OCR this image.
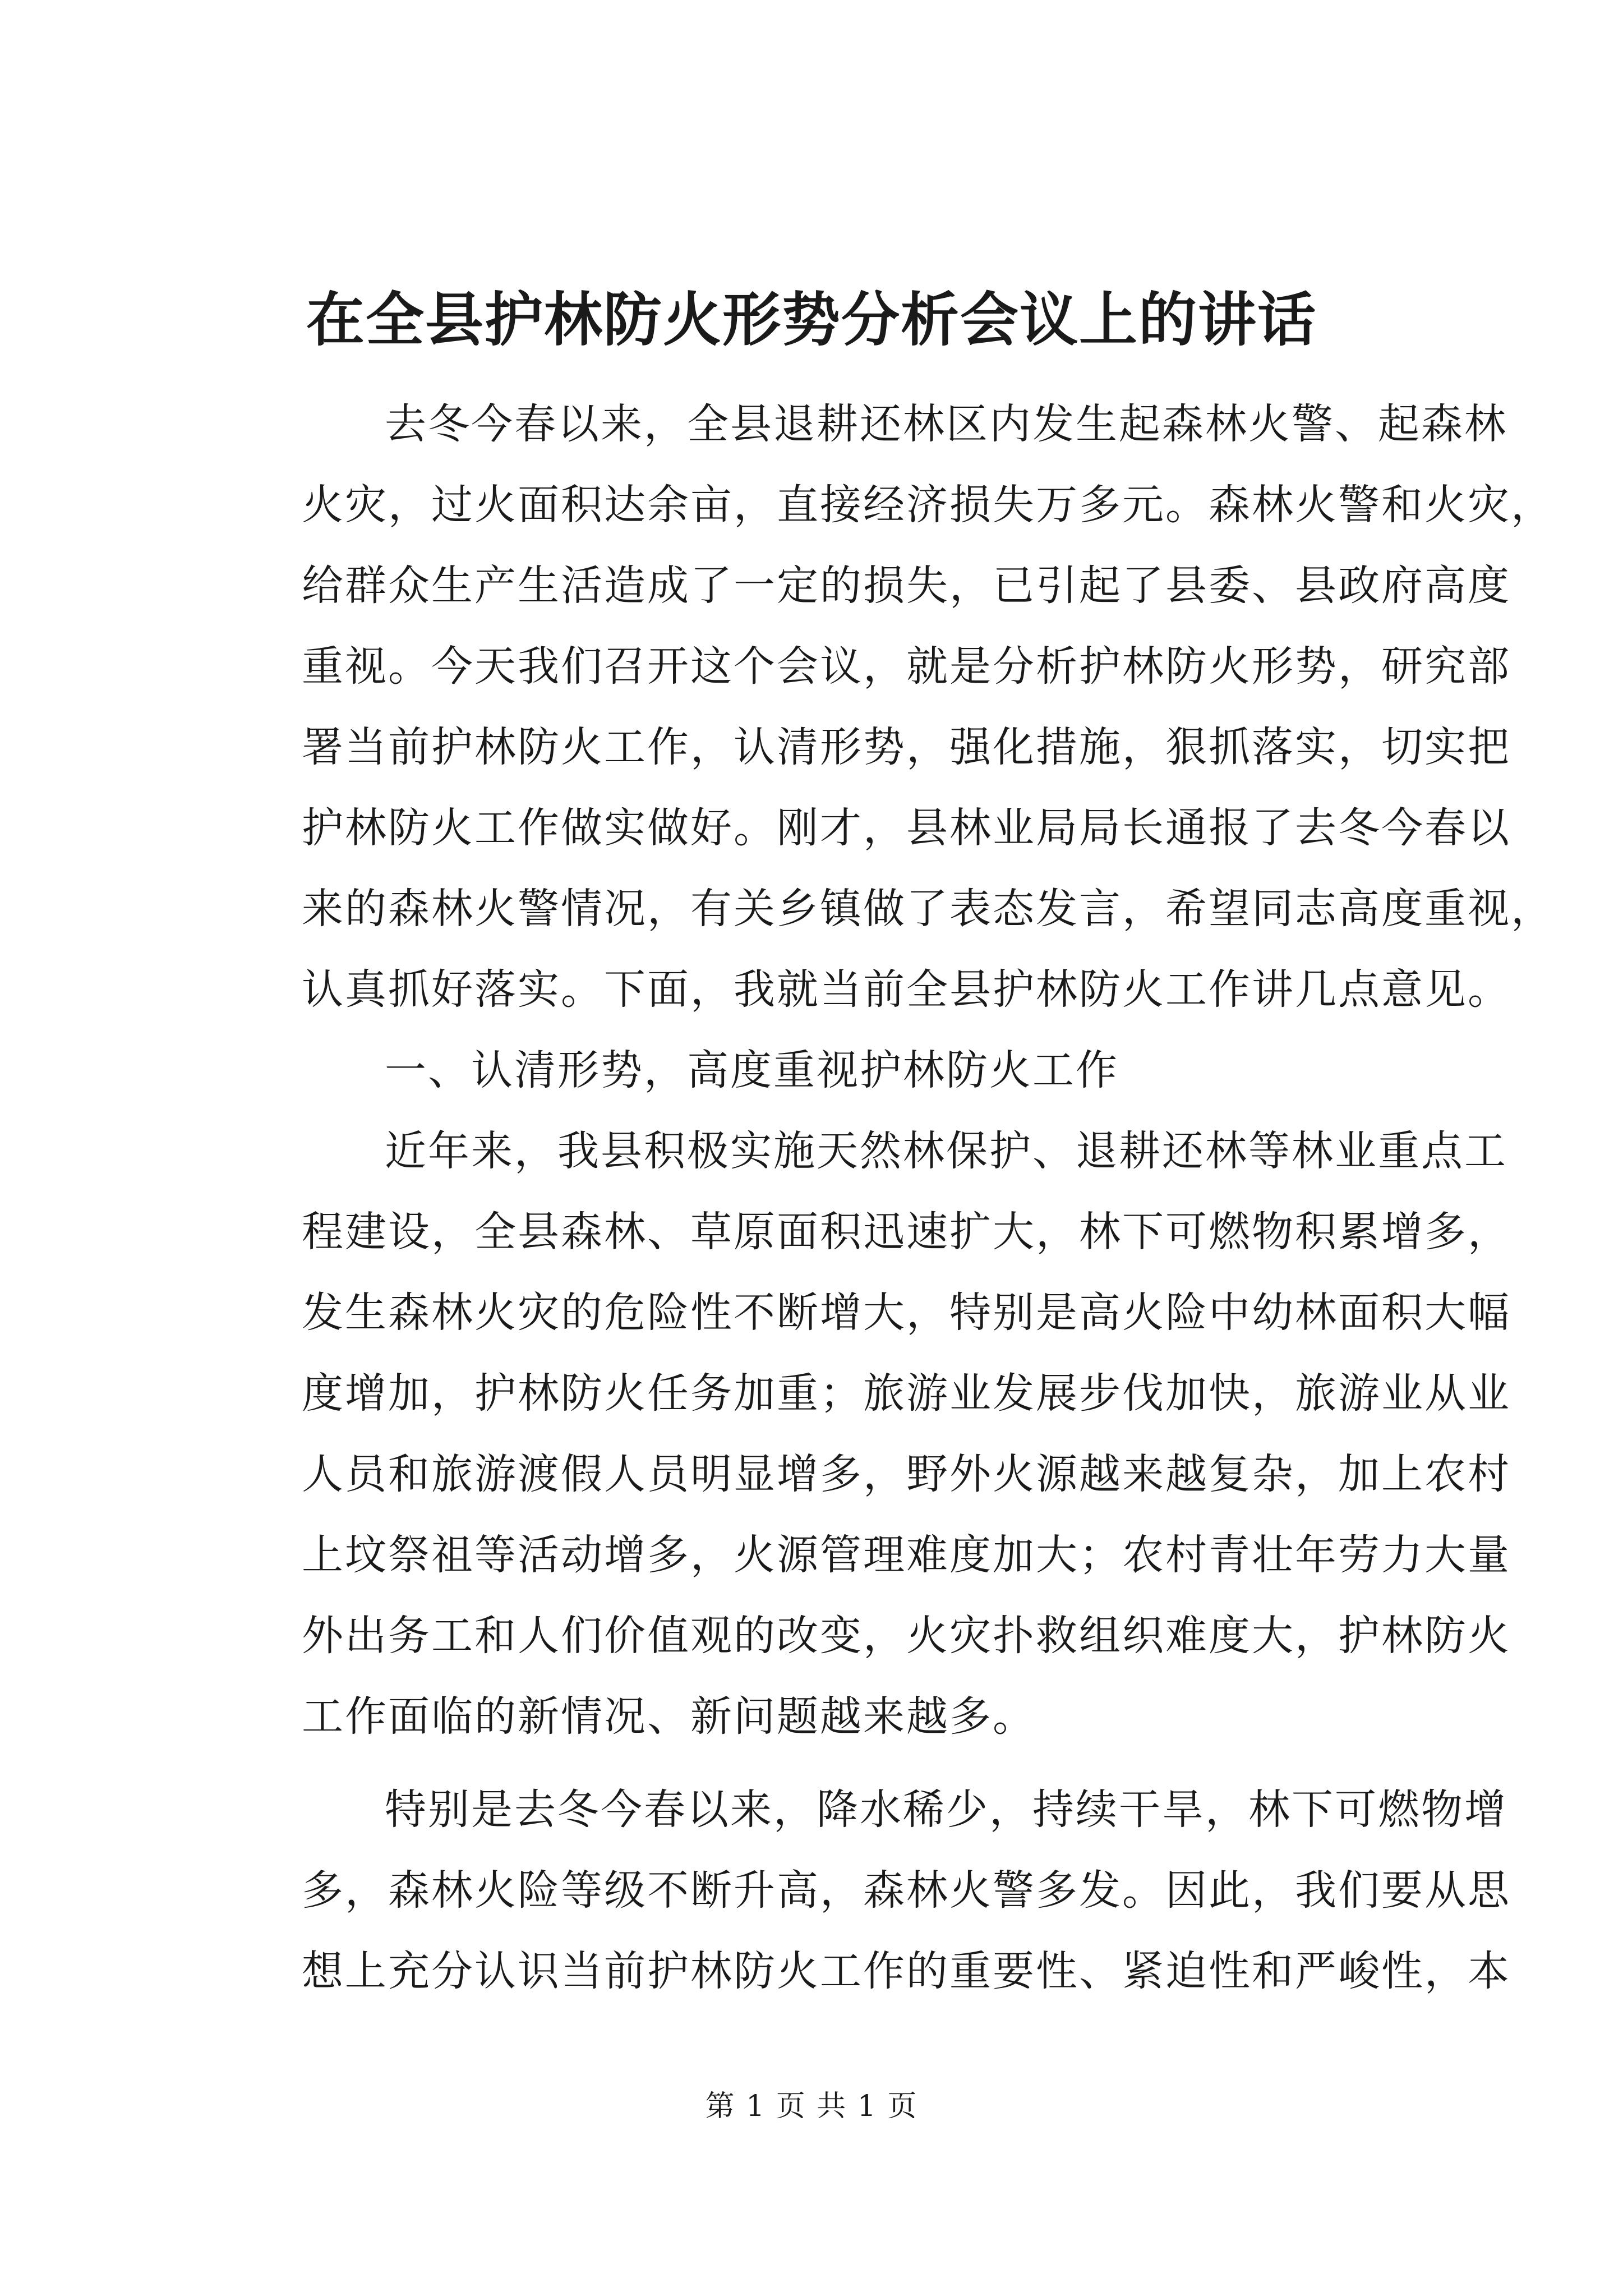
在全县护林防火形势分析会议上的讲话
去冬今春以来，全县退耕还林区内发生起森林火警、起森林
火灾，过火面积达余亩，直接经济损失万多元。森林火警和火灾，
给群众生产生活造成了一定的损失，已引起了县委、县政府高度
重视。今天我们召开这个会议，就是分析护林防火形势，研究部
署当前护林防火工作，认清形势，强化措施，狠抓落实，切实把
护林防火工作做实做好。刚才，县林业局局长通报了去冬今春以
来的森林火警情况，有关乡镇做了表态发言，希望同志高度重视，
认真抓好落实。下面，我就当前全县护林防火工作讲几点意见。
一、认清形势，高度重视护林防火工作
近年来，我县积极实施天然林保护、退耕还林等林业重点工
程建设，全县森林、草原面积迅速扩大，林下可燃物积累增多，
发生森林火灾的危险性不断增大，特别是高火险中幼林面积大幅
度增加，护林防火任务加重；旅游业发展步伐加快，旅游业从业
人员和旅游渡假人员明显增多，野外火源越来越复杂，加上农村
上坟祭祖等活动增多，火源管理难度加大；农村青壮年劳力大量
外出务工和人们价值观的改变，火灾扑救组织难度大，护林防火
工作面临的新情况、新问题越来越多。
特别是去冬今春以来，降水稀少，持续干旱，林下可燃物增
多，森林火险等级不断升高，森林火警多发。因此，我们要从思
想上充分认识当前护林防火工作的重要性、紧迫性和严峻性，本
第 1 页 共 1 页
